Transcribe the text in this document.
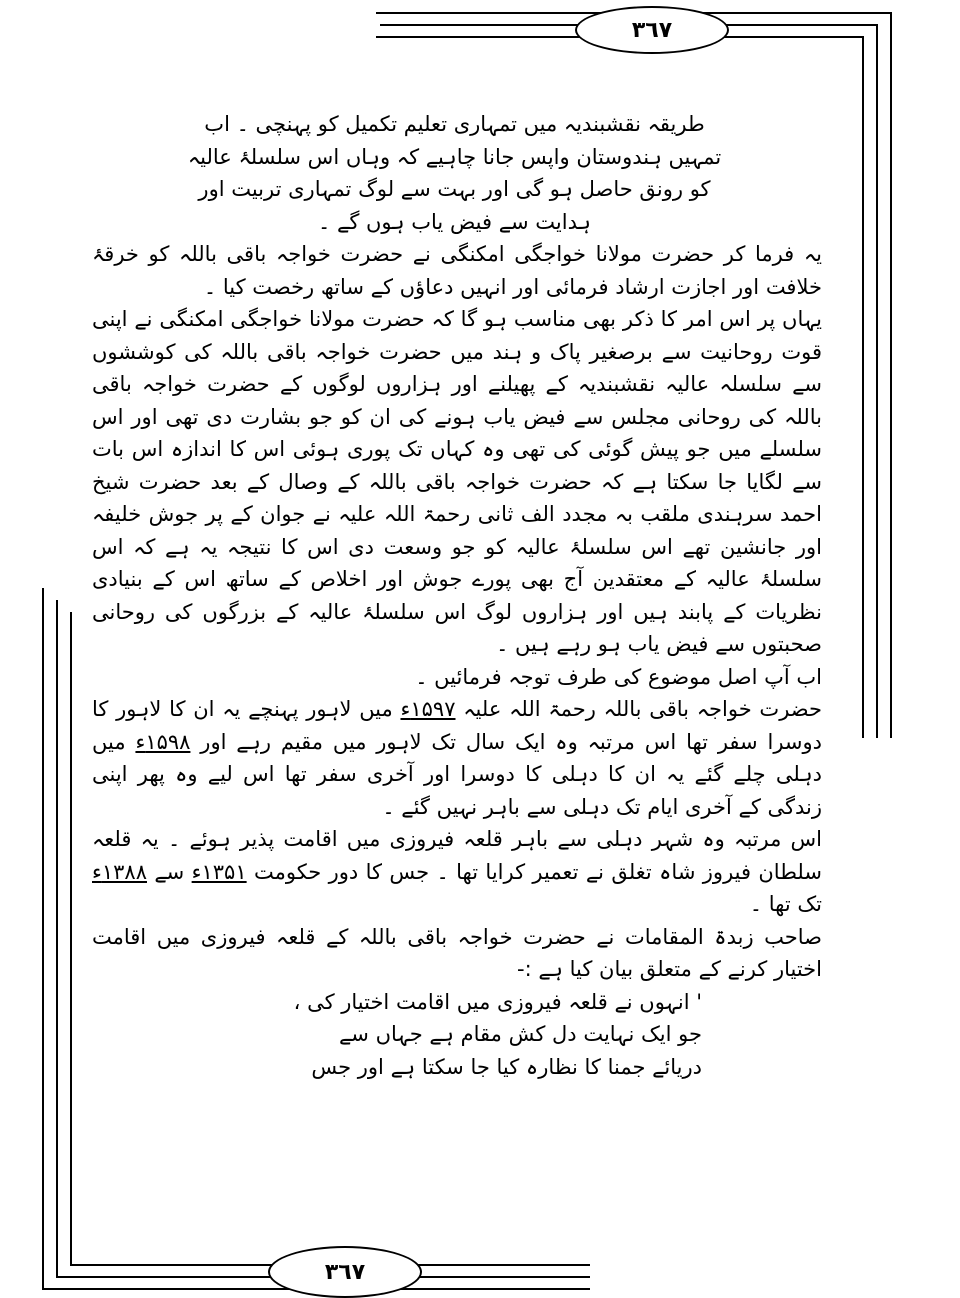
٣٦٧
٣٦٧

طریقہ نقشبندیہ میں تمہاری تعلیم تکمیل کو پہنچی ۔ اب تمہیں ہندوستان واپس جانا چاہیے کہ وہاں اس سلسلۂ عالیہ کو رونق حاصل ہو گی اور بہت سے لوگ تمہاری تربیت اور ہدایت سے فیض یاب ہوں گے ۔

یہ فرما کر حضرت مولانا خواجگی امکنگی نے حضرت خواجہ باقی باللہ کو خرقۂ خلافت اور اجازت ارشاد فرمائی اور انہیں دعاؤں کے ساتھ رخصت کیا ۔

یہاں پر اس امر کا ذکر بھی مناسب ہو گا کہ حضرت مولانا خواجگی امکنگی نے اپنی قوت روحانیت سے برصغیر پاک و ہند میں حضرت خواجہ باقی باللہ کی کوششوں سے سلسلہ عالیہ نقشبندیہ کے پھیلنے اور ہزاروں لوگوں کے حضرت خواجہ باقی باللہ کی روحانی مجلس سے فیض یاب ہونے کی ان کو جو بشارت دی تھی اور اس سلسلے میں جو پیش گوئی کی تھی وہ کہاں تک پوری ہوئی اس کا اندازہ اس بات سے لگایا جا سکتا ہے کہ حضرت خواجہ باقی باللہ کے وصال کے بعد حضرت شیخ احمد سرہندی ملقب بہ مجدد الف ثانی رحمۃ اللہ علیہ نے جوان کے پر جوش خلیفہ اور جانشین تھے اس سلسلۂ عالیہ کو جو وسعت دی اس کا نتیجہ یہ ہے کہ اس سلسلۂ عالیہ کے معتقدین آج بھی پورے جوش اور اخلاص کے ساتھ اس کے بنیادی نظریات کے پابند ہیں اور ہزاروں لوگ اس سلسلۂ عالیہ کے بزرگوں کی روحانی صحبتوں سے فیض یاب ہو رہے ہیں ۔

اب آپ اصل موضوع کی طرف توجہ فرمائیں ۔

حضرت خواجہ باقی باللہ رحمۃ اللہ علیہ ۱۵۹۷ء میں لاہور پہنچے یہ ان کا لاہور کا دوسرا سفر تھا اس مرتبہ وہ ایک سال تک لاہور میں مقیم رہے اور ۱۵۹۸ء میں دہلی چلے گئے یہ ان کا دہلی کا دوسرا اور آخری سفر تھا اس لیے وہ پھر اپنی زندگی کے آخری ایام تک دہلی سے باہر نہیں گئے ۔

اس مرتبہ وہ شہر دہلی سے باہر قلعہ فیروزی میں اقامت پذیر ہوئے ۔ یہ قلعہ سلطان فیروز شاہ تغلق نے تعمیر کرایا تھا ۔ جس کا دور حکومت ۱۳۵۱ء سے ۱۳۸۸ء تک تھا ۔

صاحب زبدۃ المقامات نے حضرت خواجہ باقی باللہ کے قلعہ فیروزی میں اقامت اختیار کرنے کے متعلق بیان کیا ہے :-

' انہوں نے قلعہ فیروزی میں اقامت اختیار کی ، جو ایک نہایت دل کش مقام ہے جہاں سے دریائے جمنا کا نظارہ کیا جا سکتا ہے اور جس
